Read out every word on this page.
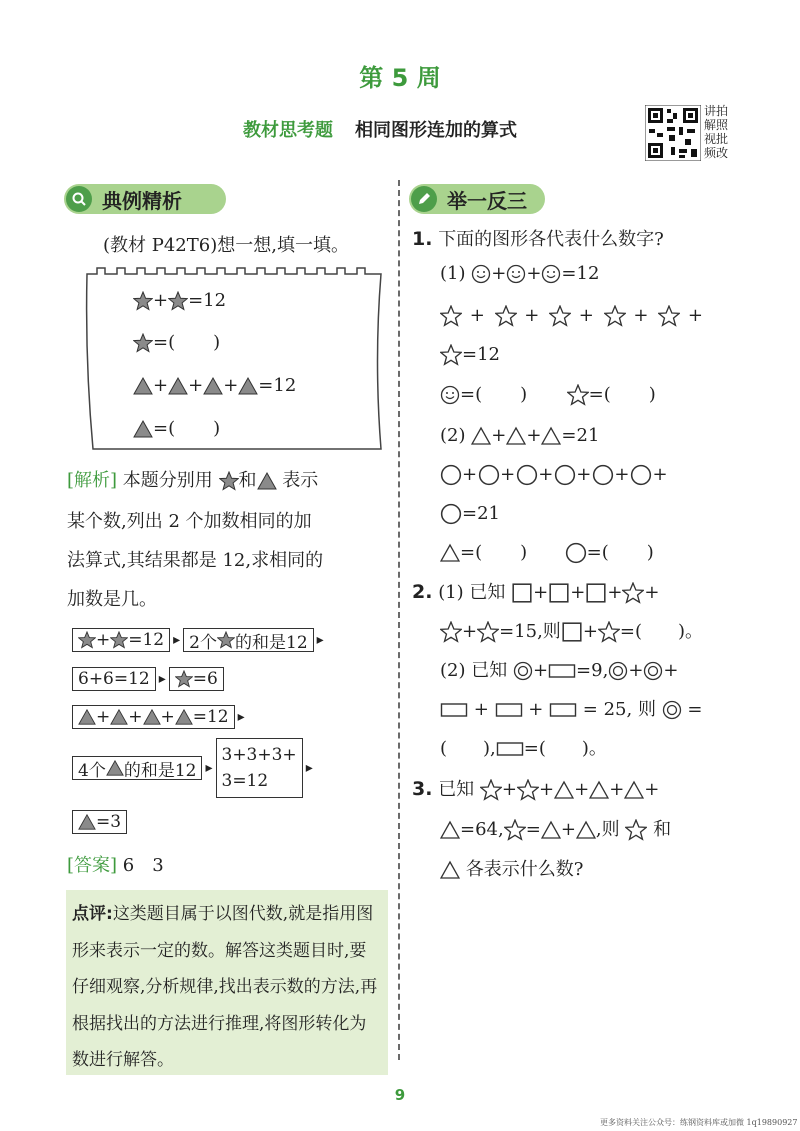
第 5 周
教材思考题 相同图形连加的算式
讲拍解照视批频改
典例精析
(教材 P42T6)想一想,填一填。
+ =12
=( )
+ + + =12
=( )
[解析] 本题分别用 和 表示
某个数,列出 2 个加数相同的加
法算式,其结果都是 12,求相同的
加数是几。
+ =12 ▸ 2个 的和是12 ▸
6+6=12 ▸ =6
+ + + =12 ▸
4个 的和是12 ▸
3+3+3+
3=12
▸
=3
[答案] 6　3
点评:这类题目属于以图代数,就是指用图形来表示一定的数。解答这类题目时,要仔细观察,分析规律,找出表示数的方法,再根据找出的方法进行推理,将图形转化为数进行解答。
举一反三
1. 下面的图形各代表什么数字?
(1) + + =12
+  +  +  +  +
=12
=( )	=( )
(2) + + =21
+ + + + + +
=21
=( )	=( )
2. (1) 已知 + + + +
+ =15,则 + =(　　)。
(2) 已知 + =9, + +
+  +  = 25, 则  =
(　　), =(　　)。
3. 已知 + + + + +
=64, = + ,则 和
各表示什么数?
9
更多资料关注公众号：练钢资料库或加微 1q19890927
